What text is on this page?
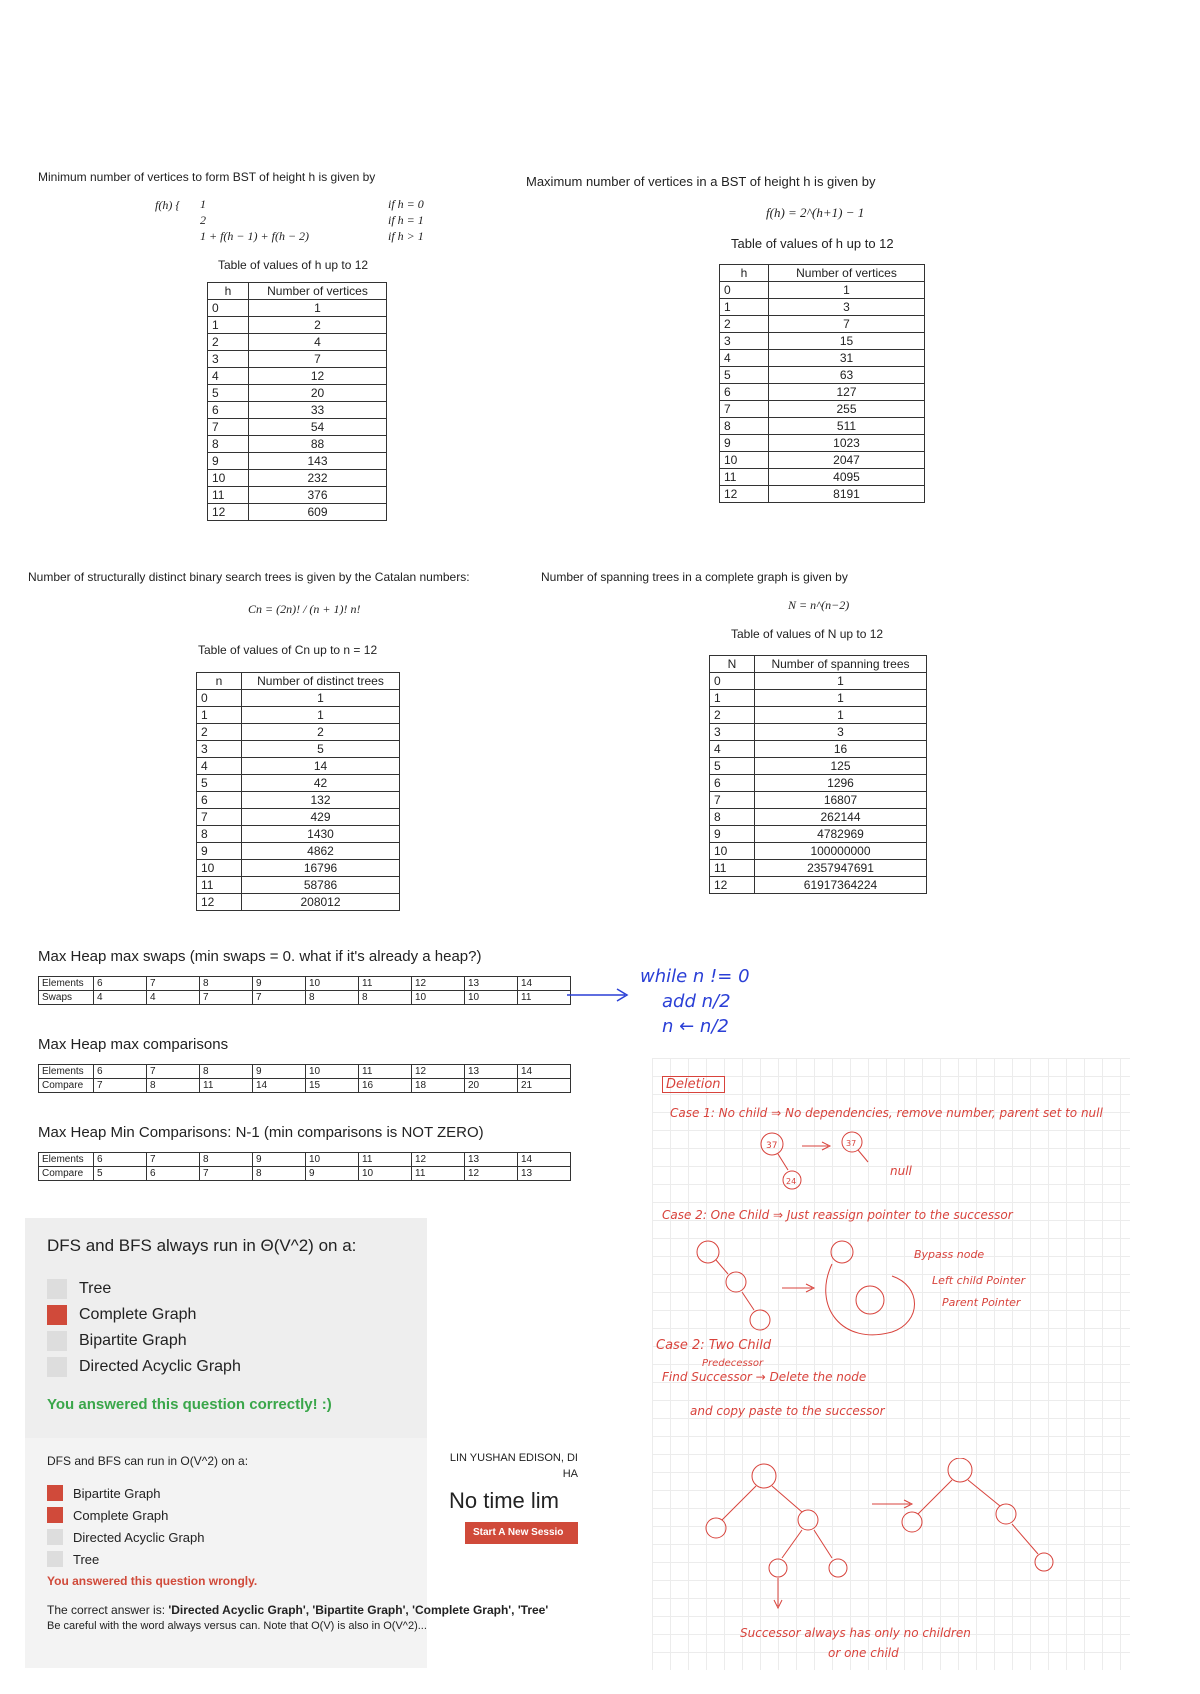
Minimum number of vertices to form BST of height h is given by
f(h) { 1
2
1 + f(h − 1) + f(h − 2)
if h = 0
if h = 1
if h > 1
Table of values of h up to 12
h	Number of vertices
0	1
1	2
2	4
3	7
4	12
5	20
6	33
7	54
8	88
9	143
10	232
11	376
12	609
Maximum number of vertices in a BST of height h is given by
f(h) = 2^(h+1) − 1
Table of values of h up to 12
h	Number of vertices
0	1
1	3
2	7
3	15
4	31
5	63
6	127
7	255
8	511
9	1023
10	2047
11	4095
12	8191
Number of structurally distinct binary search trees is given by the Catalan numbers:
Cn = (2n)! / (n + 1)! n!
Table of values of Cn up to n = 12
n	Number of distinct trees
0	1
1	1
2	2
3	5
4	14
5	42
6	132
7	429
8	1430
9	4862
10	16796
11	58786
12	208012
Number of spanning trees in a complete graph is given by
N = n^(n−2)
Table of values of N up to 12
N	Number of spanning trees
0	1
1	1
2	1
3	3
4	16
5	125
6	1296
7	16807
8	262144
9	4782969
10	100000000
11	2357947691
12	61917364224
Max Heap max swaps (min swaps = 0. what if it's already a heap?)
Elements	6	7	8	9	10	11	12	13	14
Swaps	4	4	7	7	8	8	10	10	11
Max Heap max comparisons
Elements	6	7	8	9	10	11	12	13	14
Compare	7	8	11	14	15	16	18	20	21
Max Heap Min Comparisons: N-1 (min comparisons is NOT ZERO)
Elements	6	7	8	9	10	11	12	13	14
Compare	5	6	7	8	9	10	11	12	13
while n != 0
add n/2
n ← n/2
DFS and BFS always run in Θ(V^2) on a:
Tree
Complete Graph
Bipartite Graph
Directed Acyclic Graph
You answered this question correctly! :)
DFS and BFS can run in O(V^2) on a:
Bipartite Graph
Complete Graph
Directed Acyclic Graph
Tree
You answered this question wrongly.
The correct answer is: 'Directed Acyclic Graph', 'Bipartite Graph', 'Complete Graph', 'Tree'
Be careful with the word always versus can. Note that O(V) is also in O(V^2)...
LIN YUSHAN EDISON, DI
HA
No time lim
Start A New Sessio
Deletion
Case 1: No child ⇒ No dependencies, remove number, parent set to null
37
24
37
null
Case 2: One Child ⇒ Just reassign pointer to the successor
Bypass node
Left child Pointer
Parent Pointer
Case 2: Two Child
Predecessor
Find Successor → Delete the node
and copy paste to the successor
Successor always has only no children
or one child
